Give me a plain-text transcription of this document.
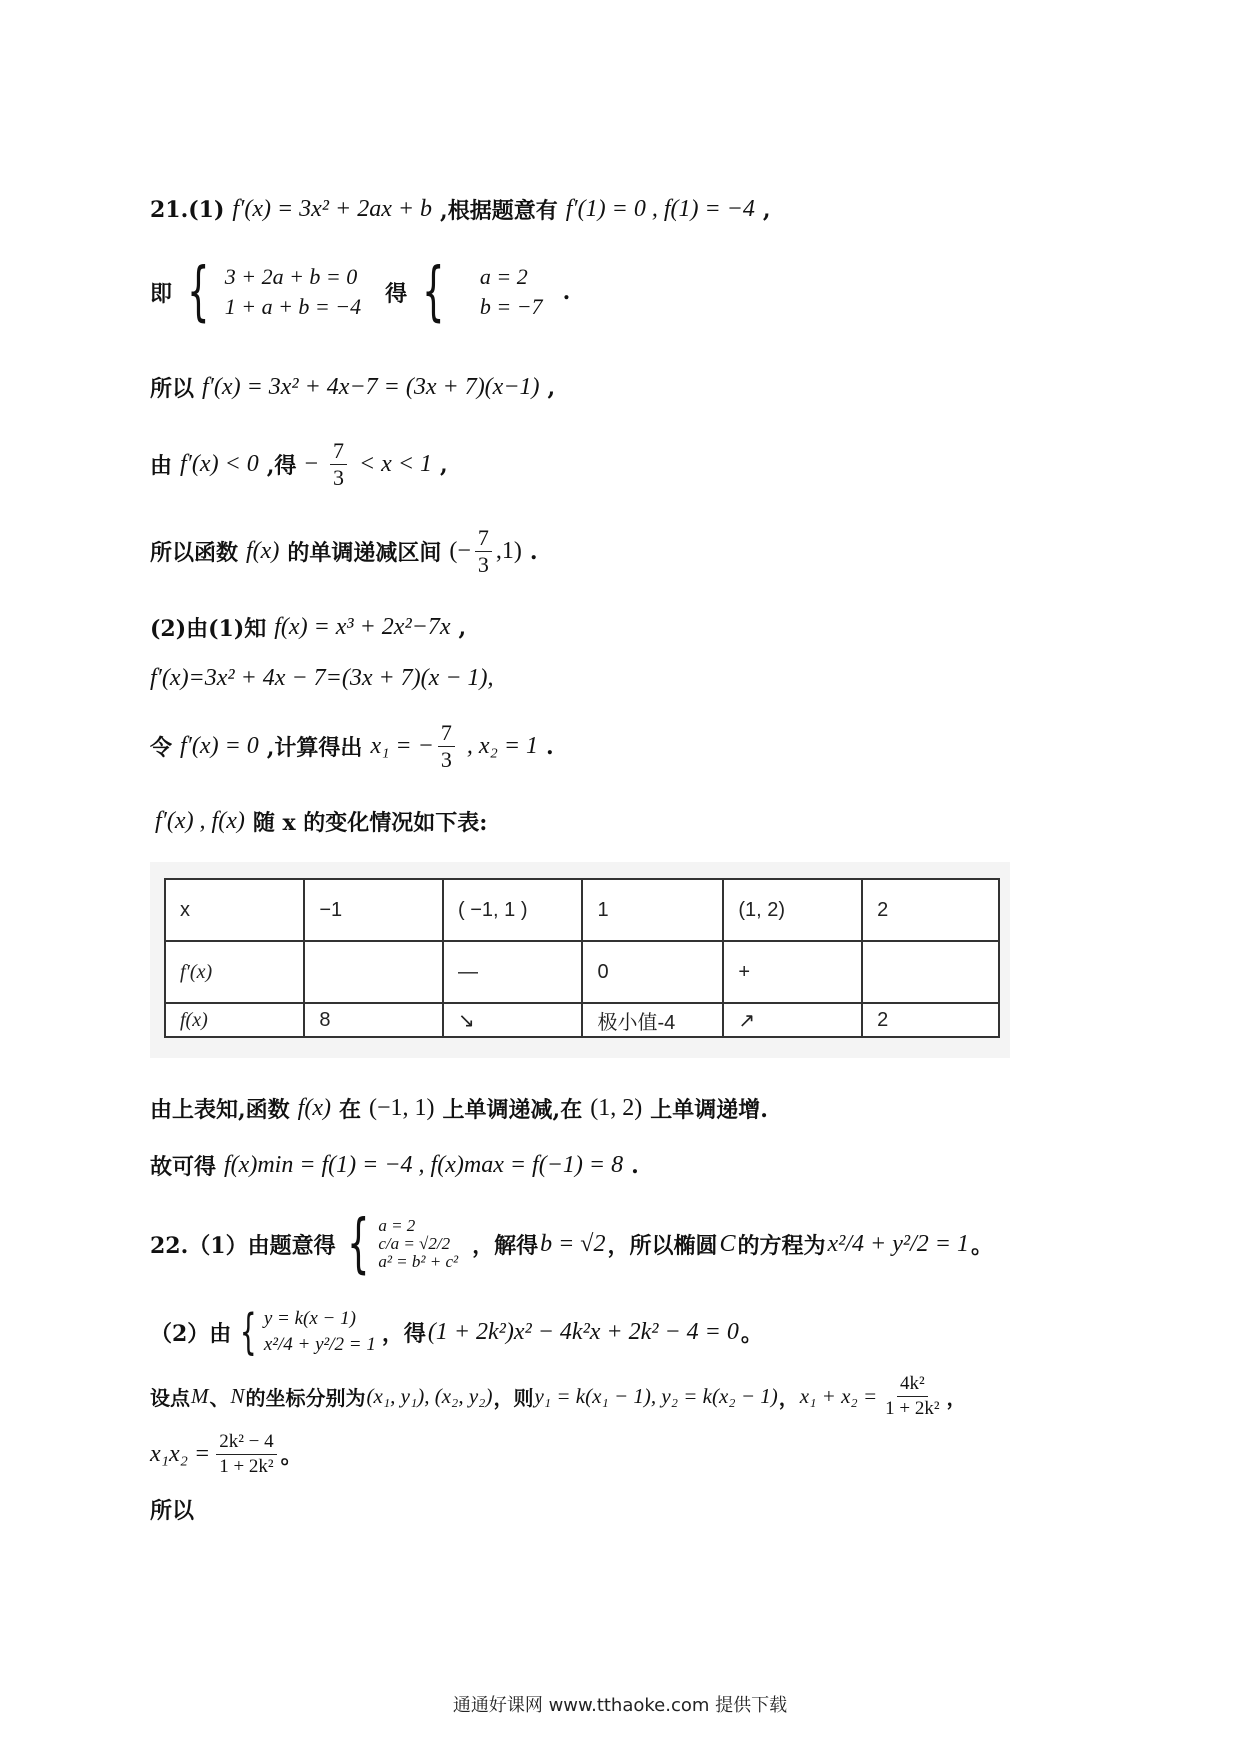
21.(1) f′(x) = 3x² + 2ax + b ,根据题意有 f′(1) = 0 , f(1) = −4 ,
即 { 3 + 2a + b = 0
1 + a + b = −4 得 { a = 2
b = −7
.
所以 f′(x) = 3x² + 4x−7 = (3x + 7)(x−1) ,
由 f′(x) < 0 ,得 − $\frac{7}{3} < x < 1$ ,
所以函数 f(x) 的单调递减区间 (− $\frac{7}{3} ,1$) .
(2)由(1)知 f(x) = x³ + 2x²−7x ,
f′(x)=3x² + 4x − 7=(3x + 7)(x − 1),
令 f′(x) = 0 ,计算得出 x₁ = − $\frac{7}{3}$ , x₂ = 1 .
f′(x) , f(x) 随 x 的变化情况如下表:
x	−1	( −1, 1 )	1	(1, 2)	2
f′(x)		—	0	+	
f(x)	8	↘	极小值-4	↗	2
由上表知,函数 f(x) 在 (−1, 1) 上单调递减,在 (1, 2) 上单调递增.
故可得 f(x)min = f(1) = −4 , f(x)max = f(−1) = 8 .
22.（1）由题意得 { a = 2
c/a = √2/2
a² = b² + c²
，解得 b = √2 ，所以椭圆 C 的方程为 x²/4 + y²/2 = 1 。
（2）由 { y = k(x − 1)
x²/4 + y²/2 = 1 ，得 (1 + 2k²)x² − 4k²x + 2k² − 4 = 0 。
设点 M 、 N 的坐标分别为 (x₁, y₁), (x₂, y₂) ，则 y₁ = k(x₁ − 1), y₂ = k(x₂ − 1) ， $x_1 + x_2 = \frac{\text{4k²}}{\text{1 + 2k²}}$ ，
$x_1x_2 = \frac{\text{2k² − 4}}{\text{1 + 2k²}}$ 。
所以
通通好课网 www.tthaoke.com 提供下载
